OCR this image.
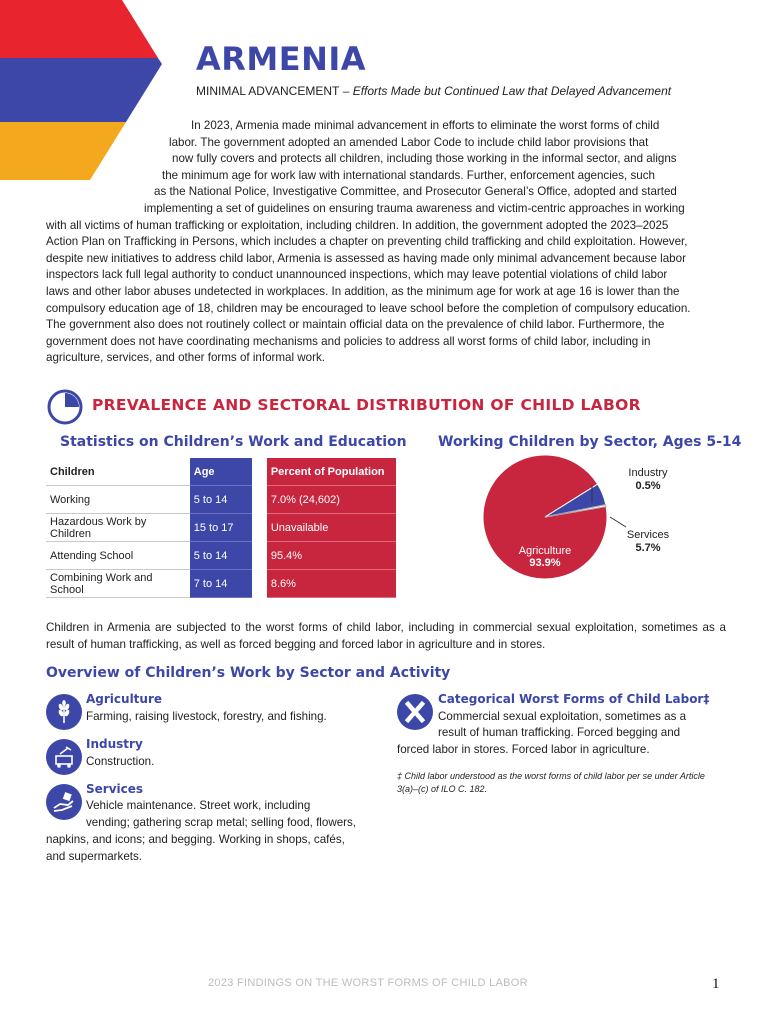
ARMENIA
MINIMAL ADVANCEMENT – Efforts Made but Continued Law that Delayed Advancement

In 2023, Armenia made minimal advancement in efforts to eliminate the worst forms of child
labor. The government adopted an amended Labor Code to include child labor provisions that
now fully covers and protects all children, including those working in the informal sector, and aligns
the minimum age for work law with international standards. Further, enforcement agencies, such
as the National Police, Investigative Committee, and Prosecutor General’s Office, adopted and started
implementing a set of guidelines on ensuring trauma awareness and victim-centric approaches in working
with all victims of human trafficking or exploitation, including children. In addition, the government adopted the 2023–2025
Action Plan on Trafficking in Persons, which includes a chapter on preventing child trafficking and child exploitation. However,
despite new initiatives to address child labor, Armenia is assessed as having made only minimal advancement because labor
inspectors lack full legal authority to conduct unannounced inspections, which may leave potential violations of child labor
laws and other labor abuses undetected in workplaces. In addition, as the minimum age for work at age 16 is lower than the
compulsory education age of 18, children may be encouraged to leave school before the completion of compulsory education.
The government also does not routinely collect or maintain official data on the prevalence of child labor. Furthermore, the
government does not have coordinating mechanisms and policies to address all worst forms of child labor, including in
agriculture, services, and other forms of informal work.

PREVALENCE AND SECTORAL DISTRIBUTION OF CHILD LABOR
Statistics on Children’s Work and Education Working Children by Sector, Ages 5-14
Children	Age		Percent of Population
Working	5 to 14		7.0% (24,602)
Hazardous Work by Children	15 to 17		Unavailable
Attending School	5 to 14		95.4%
Combining Work and School	7 to 14		8.6%
Industry
0.5%
Services
5.7%
Agriculture
93.9%

Children in Armenia are subjected to the worst forms of child labor, including in commercial sexual exploitation, sometimes as a result of human trafficking, as well as forced begging and forced labor in agriculture and in stores.

Overview of Children’s Work by Sector and Activity
Agriculture

Farming, raising livestock, forestry, and fishing.

Industry

Construction.

Services

Vehicle maintenance. Street work, including

vending; gathering scrap metal; selling food, flowers,

napkins, and icons; and begging. Working in shops, cafés,

and supermarkets.

Categorical Worst Forms of Child Labor‡

Commercial sexual exploitation, sometimes as a

result of human trafficking. Forced begging and

forced labor in stores. Forced labor in agriculture.

‡ Child labor understood as the worst forms of child labor per se under Article
3(a)–(c) of ILO C. 182.

2023 FINDINGS ON THE WORST FORMS OF CHILD LABOR	1
